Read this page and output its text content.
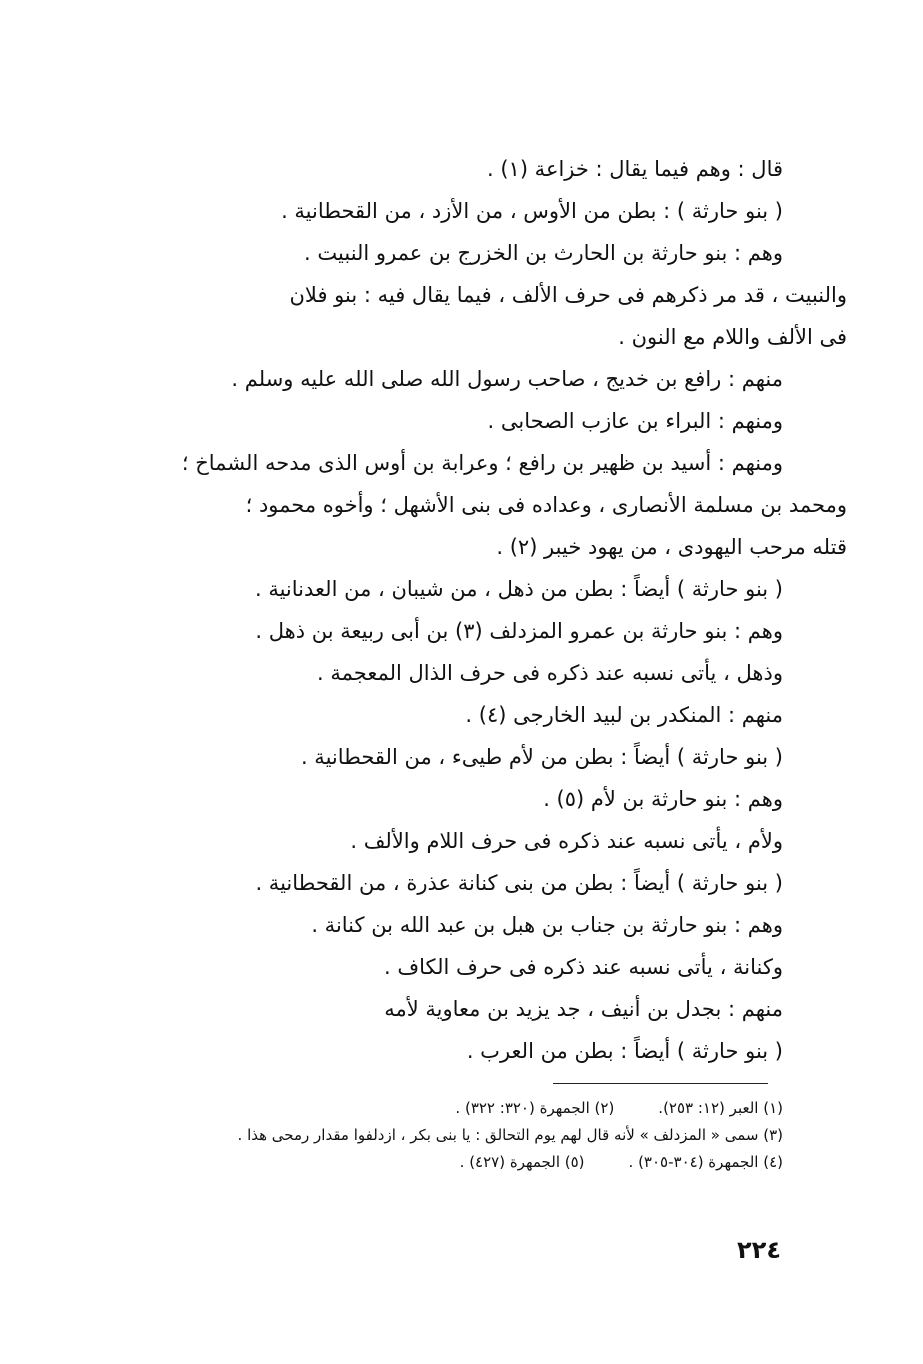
قال : وهم فيما يقال : خزاعة (١) .
( بنو حارثة ) : بطن من الأوس ، من الأزد ، من القحطانية .
وهم : بنو حارثة بن الحارث بن الخزرج بن عمرو النبيت .
والنبيت ، قد مر ذكرهم فى حرف الألف ، فيما يقال فيه : بنو فلان
فى الألف واللام مع النون .
منهم : رافع بن خديج ، صاحب رسول الله صلى الله عليه وسلم .
ومنهم : البراء بن عازب الصحابى .
ومنهم : أسيد بن ظهير بن رافع ؛ وعرابة بن أوس الذى مدحه الشماخ ؛
ومحمد بن مسلمة الأنصارى ، وعداده فى بنى الأشهل ؛ وأخوه محمود ؛
قتله مرحب اليهودى ، من يهود خيبر (٢) .
( بنو حارثة ) أيضاً : بطن من ذهل ، من شيبان ، من العدنانية .
وهم : بنو حارثة بن عمرو المزدلف (٣) بن أبى ربيعة بن ذهل .
وذهل ، يأتى نسبه عند ذكره فى حرف الذال المعجمة .
منهم : المنكدر بن لبيد الخارجى (٤) .
( بنو حارثة ) أيضاً : بطن من لأم طيىء ، من القحطانية .
وهم : بنو حارثة بن لأم (٥) .
ولأم ، يأتى نسبه عند ذكره فى حرف اللام والألف .
( بنو حارثة ) أيضاً : بطن من بنى كنانة عذرة ، من القحطانية .
وهم : بنو حارثة بن جناب بن هبل بن عبد الله بن كنانة .
وكنانة ، يأتى نسبه عند ذكره فى حرف الكاف .
منهم : بجدل بن أنيف ، جد يزيد بن معاوية لأمه
( بنو حارثة ) أيضاً : بطن من العرب .
(١) العبر (١٢: ٢٥٣).(٢) الجمهرة (٣٢٠: ٣٢٢) .
(٣) سمى « المزدلف » لأنه قال لهم يوم التحالق : يا بنى بكر ، ازدلفوا مقدار رمحى هذا .
(٤) الجمهرة (٣٠٤-٣٠٥) .(٥) الجمهرة (٤٢٧) .
٢٢٤
